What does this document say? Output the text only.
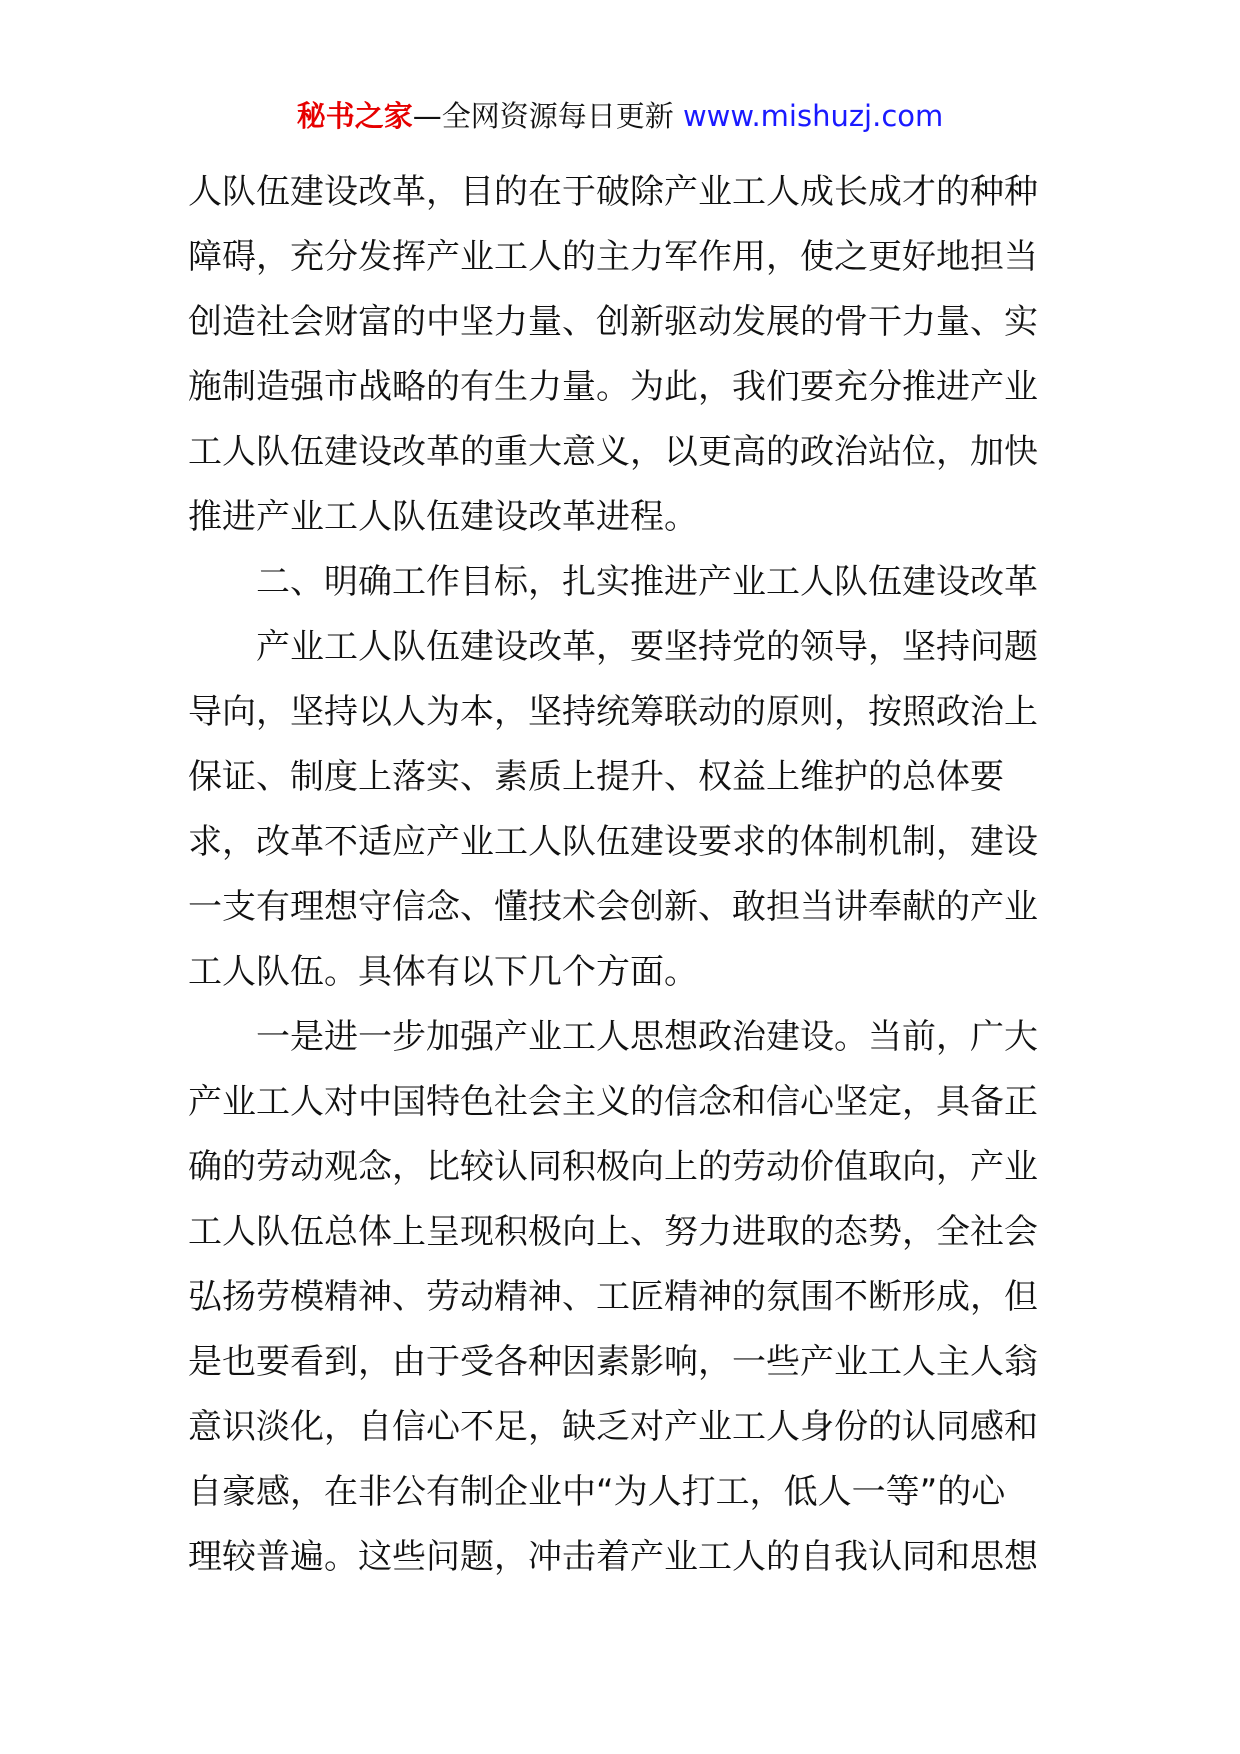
秘书之家—全网资源每日更新 www.mishuzj.com
人队伍建设改革，目的在于破除产业工人成长成才的种种
障碍，充分发挥产业工人的主力军作用，使之更好地担当
创造社会财富的中坚力量、创新驱动发展的骨干力量、实
施制造强市战略的有生力量。为此，我们要充分推进产业
工人队伍建设改革的重大意义，以更高的政治站位，加快
推进产业工人队伍建设改革进程。
二、明确工作目标，扎实推进产业工人队伍建设改革
产业工人队伍建设改革，要坚持党的领导，坚持问题
导向，坚持以人为本，坚持统筹联动的原则，按照政治上
保证、制度上落实、素质上提升、权益上维护的总体要
求，改革不适应产业工人队伍建设要求的体制机制，建设
一支有理想守信念、懂技术会创新、敢担当讲奉献的产业
工人队伍。具体有以下几个方面。
一是进一步加强产业工人思想政治建设。当前，广大
产业工人对中国特色社会主义的信念和信心坚定，具备正
确的劳动观念，比较认同积极向上的劳动价值取向，产业
工人队伍总体上呈现积极向上、努力进取的态势，全社会
弘扬劳模精神、劳动精神、工匠精神的氛围不断形成，但
是也要看到，由于受各种因素影响，一些产业工人主人翁
意识淡化，自信心不足，缺乏对产业工人身份的认同感和
自豪感，在非公有制企业中“为人打工，低人一等”的心
理较普遍。这些问题，冲击着产业工人的自我认同和思想
